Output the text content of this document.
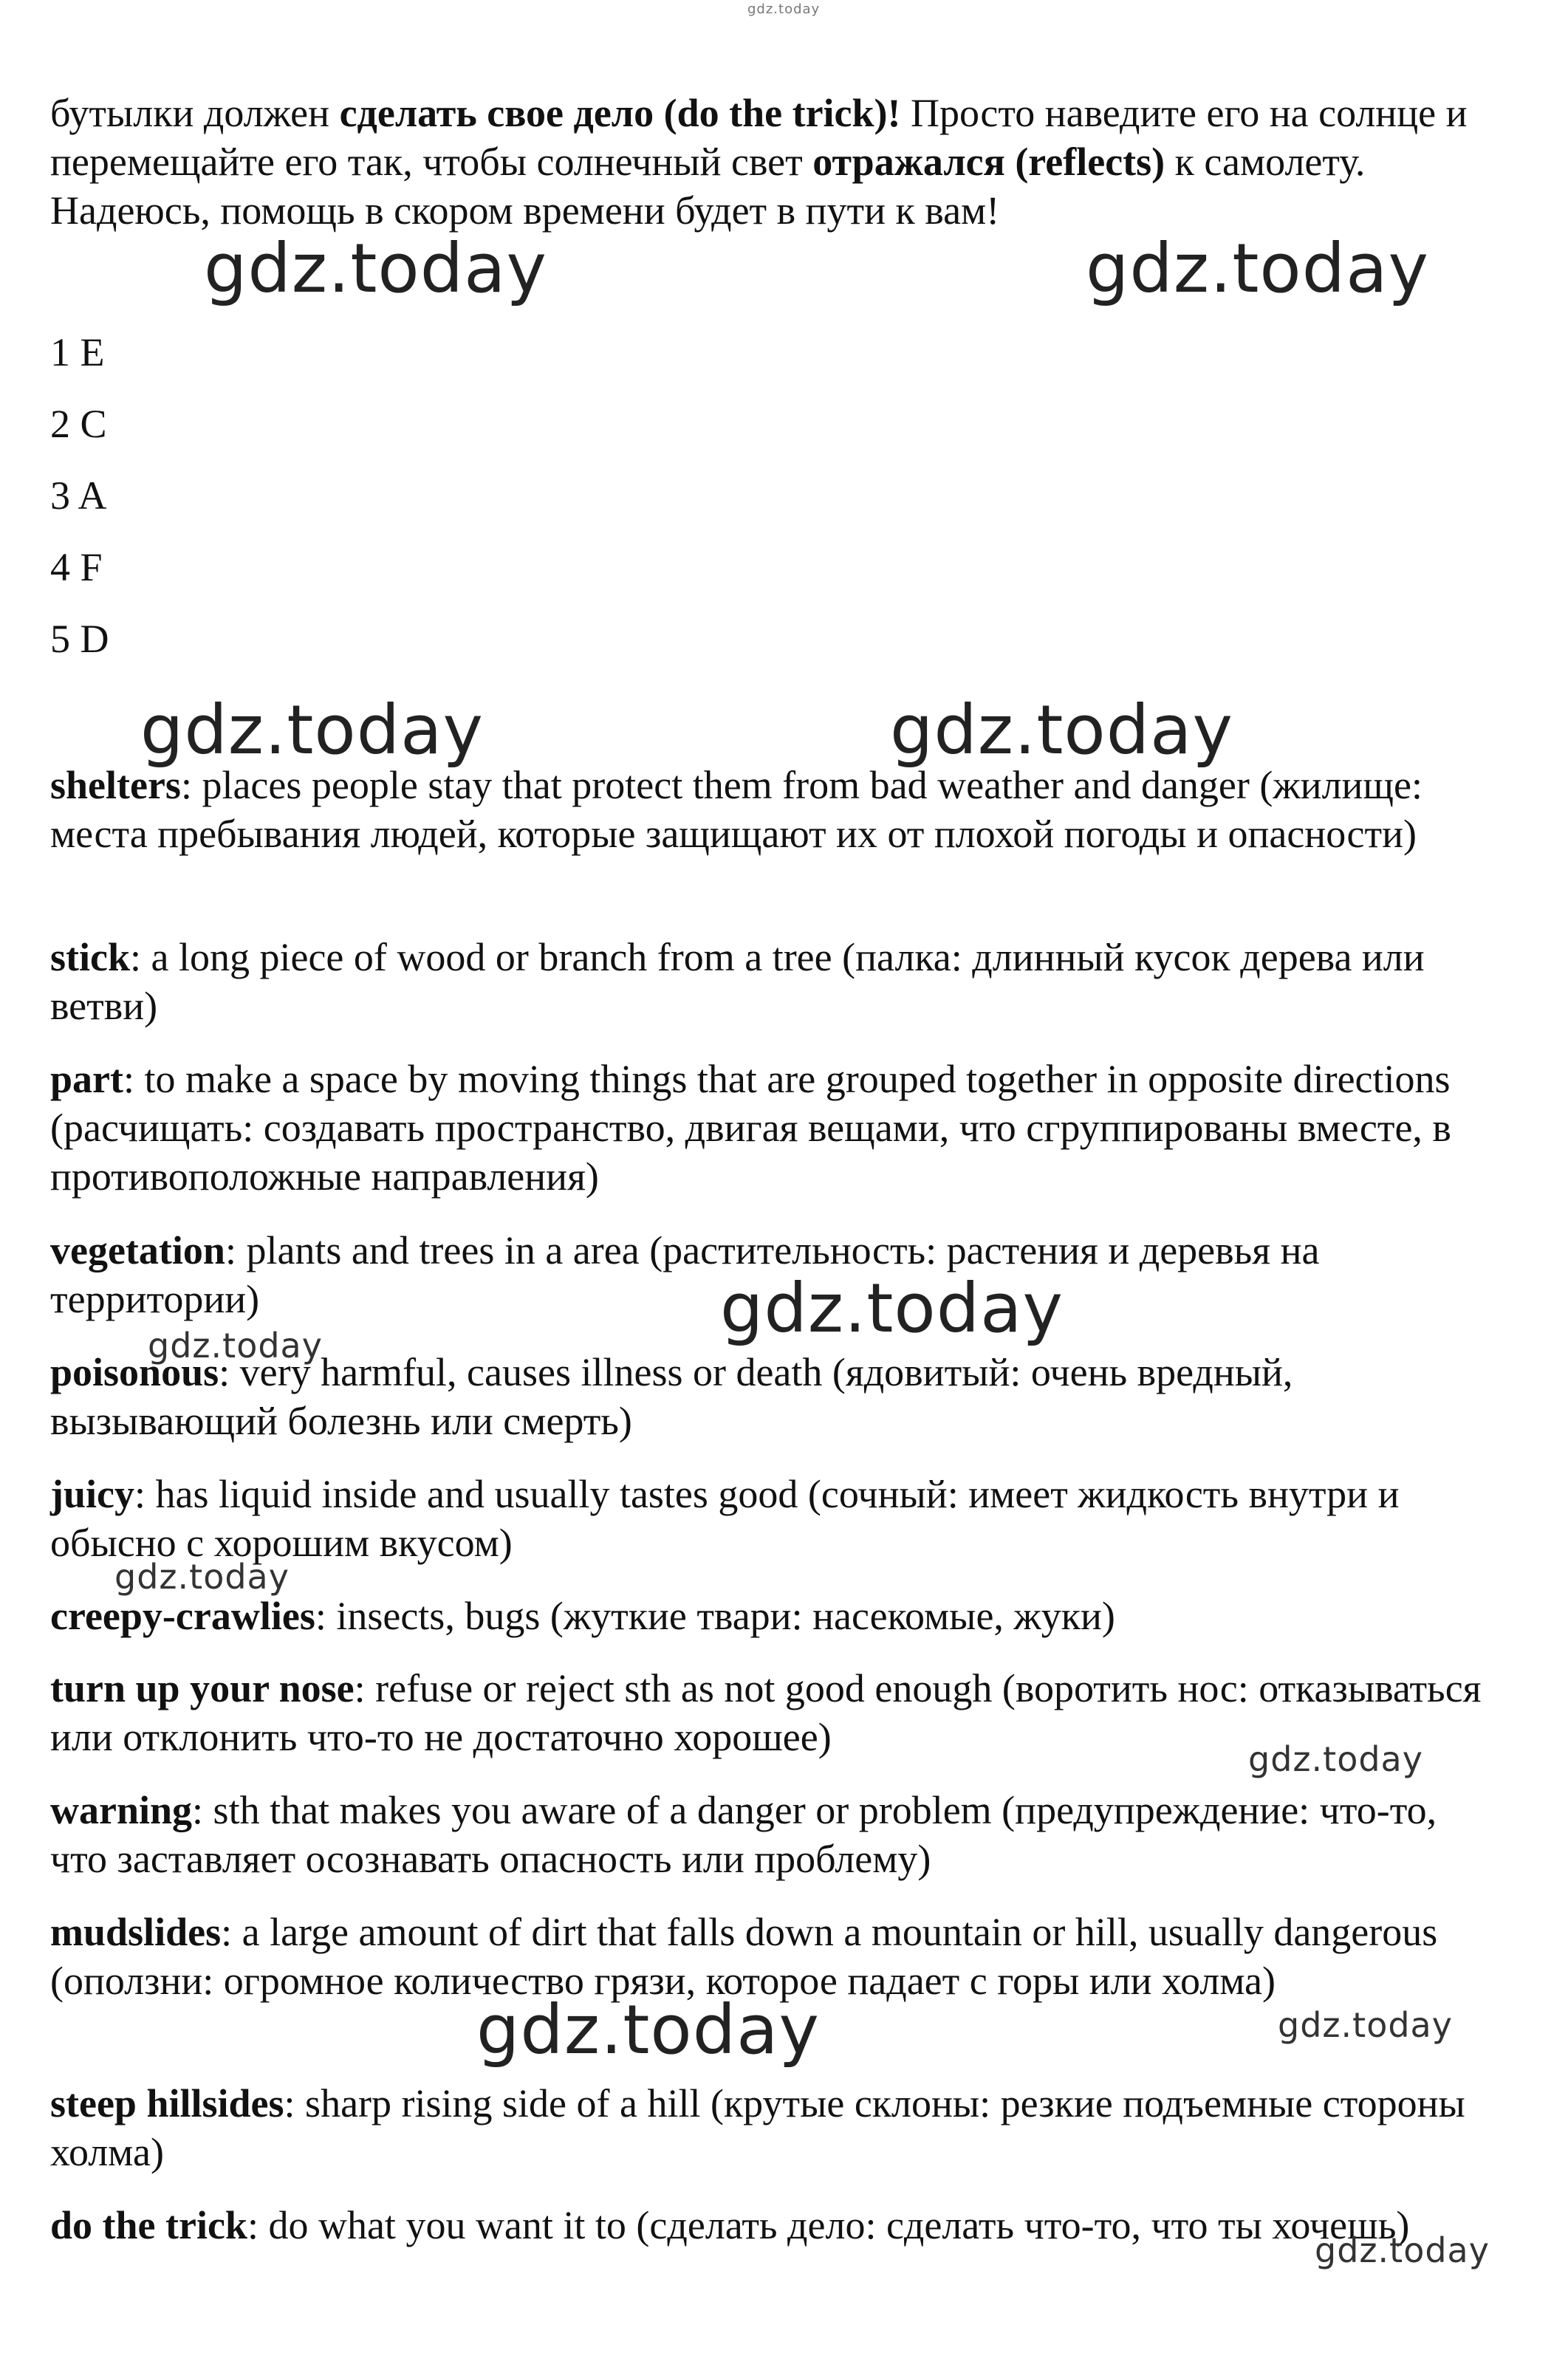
gdz.today

бутылки должен сделать свое дело (do the trick)! Просто наведите его на солнце и перемещайте его так, чтобы солнечный свет отражался (reflects) к самолету. Надеюсь, помощь в скором времени будет в пути к вам!

gdz.today	gdz.today

1 E

2 C

3 A

4 F

5 D

gdz.today	gdz.today

shelters: places people stay that protect them from bad weather and danger (жилище: места пребывания людей, которые защищают их от плохой погоды и опасности)

stick: a long piece of wood or branch from a tree (палка: длинный кусок дерева или ветви)

part: to make a space by moving things that are grouped together in opposite directions (расчищать: создавать пространство, двигая вещами, что сгруппированы вместе, в противоположные направления)

vegetation: plants and trees in a area (растительность: растения и деревья на территории)	gdz.today
gdz.today

poisonous: very harmful, causes illness or death (ядовитый: очень вредный, вызывающий болезнь или смерть)

juicy: has liquid inside and usually tastes good (сочный: имеет жидкость внутри и обысно с хорошим вкусом)

gdz.today

creepy-crawlies: insects, bugs (жуткие твари: насекомые, жуки)

turn up your nose: refuse or reject sth as not good enough (воротить нос: отказываться или отклонить что-то не достаточно хорошее)	gdz.today

warning: sth that makes you aware of a danger or problem (предупреждение: что-то, что заставляет осознавать опасность или проблему)

mudslides: a large amount of dirt that falls down a mountain or hill, usually dangerous (оползни: огромное количество грязи, которое падает с горы или холма)

gdz.today	gdz.today

steep hillsides: sharp rising side of a hill (крутые склоны: резкие подъемные стороны холма)

do the trick: do what you want it to (сделать дело: сделать что-то, что ты хочешь)

gdz.today
